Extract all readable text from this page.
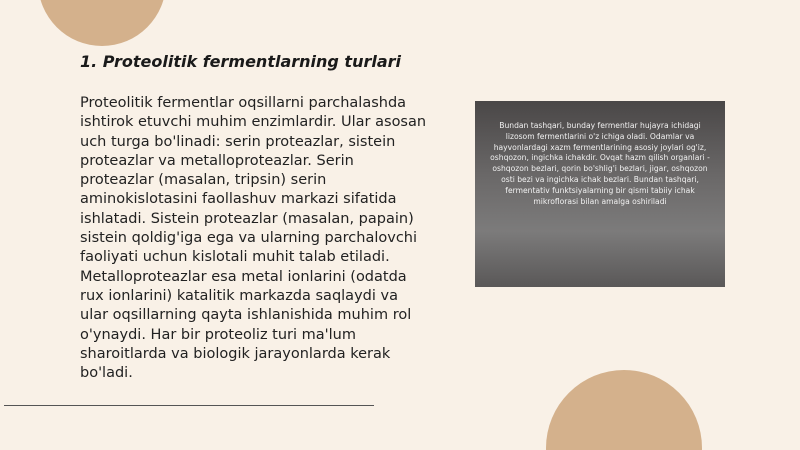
1. Proteolitik fermentlarning turlari

Proteolitik fermentlar oqsillarni parchalashda ishtirok etuvchi muhim enzimlardir. Ular asosan uch turga bo'linadi: serin proteazlar, sistein proteazlar va metalloproteazlar. Serin proteazlar (masalan, tripsin) serin aminokislotasini faollashuv markazi sifatida ishlatadi. Sistein proteazlar (masalan, papain) sistein qoldig'iga ega va ularning parchalovchi faoliyati uchun kislotali muhit talab etiladi. Metalloproteazlar esa metal ionlarini (odatda rux ionlarini) katalitik markazda saqlaydi va ular oqsillarning qayta ishlanishida muhim rol o'ynaydi. Har bir proteoliz turi ma'lum sharoitlarda va biologik jarayonlarda kerak bo'ladi.

Bundan tashqari, bunday fermentlar hujayra ichidagi lizosom fermentlarini o'z ichiga oladi. Odamlar va hayvonlardagi xazm fermentlarining asosiy joylari og'iz, oshqozon, ingichka ichakdir. Ovqat hazm qilish organlari - oshqozon bezlari, qorin bo'shlig'i bezlari, jigar, oshqozon osti bezi va ingichka ichak bezlari. Bundan tashqari, fermentativ funktsiyalarning bir qismi tabiiy ichak mikroflorasi bilan amalga oshiriladi
